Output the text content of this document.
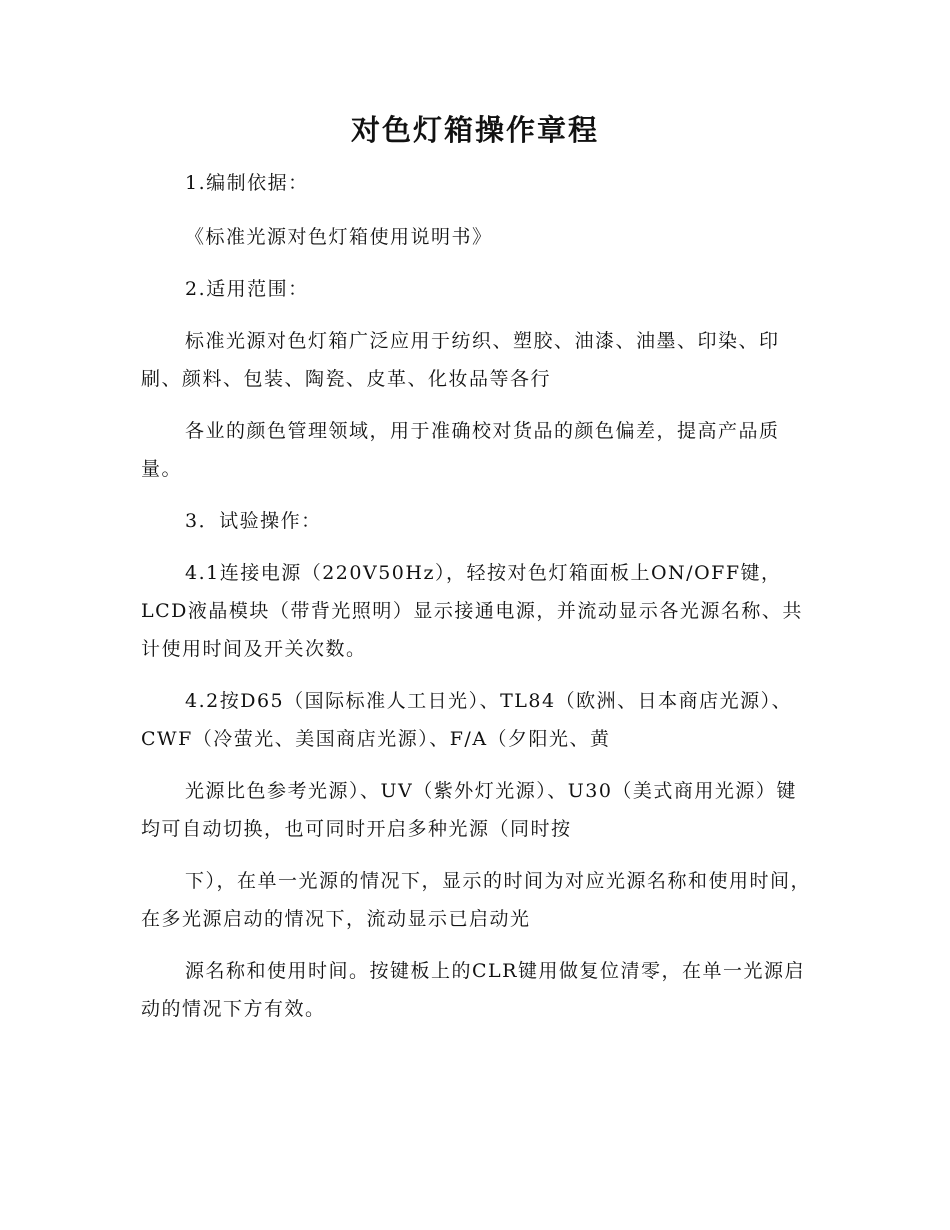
对色灯箱操作章程

1.编制依据：

《标准光源对色灯箱使用说明书》

2.适用范围：

标准光源对色灯箱广泛应用于纺织、塑胶、油漆、油墨、印染、印刷、颜料、包装、陶瓷、皮革、化妆品等各行

各业的颜色管理领域，用于准确校对货品的颜色偏差，提高产品质量。

3．试验操作：

4.1连接电源（220V50Hz），轻按对色灯箱面板上ON/OFF键，LCD液晶模块（带背光照明）显示接通电源，并流动显示各光源名称、共计使用时间及开关次数。

4.2按D65（国际标准人工日光）、TL84（欧洲、日本商店光源）、CWF（冷萤光、美国商店光源）、F/A（夕阳光、黄

光源比色参考光源）、UV（紫外灯光源）、U30（美式商用光源）键均可自动切换，也可同时开启多种光源（同时按

下），在单一光源的情况下，显示的时间为对应光源名称和使用时间，在多光源启动的情况下，流动显示已启动光

源名称和使用时间。按键板上的CLR键用做复位清零，在单一光源启动的情况下方有效。
